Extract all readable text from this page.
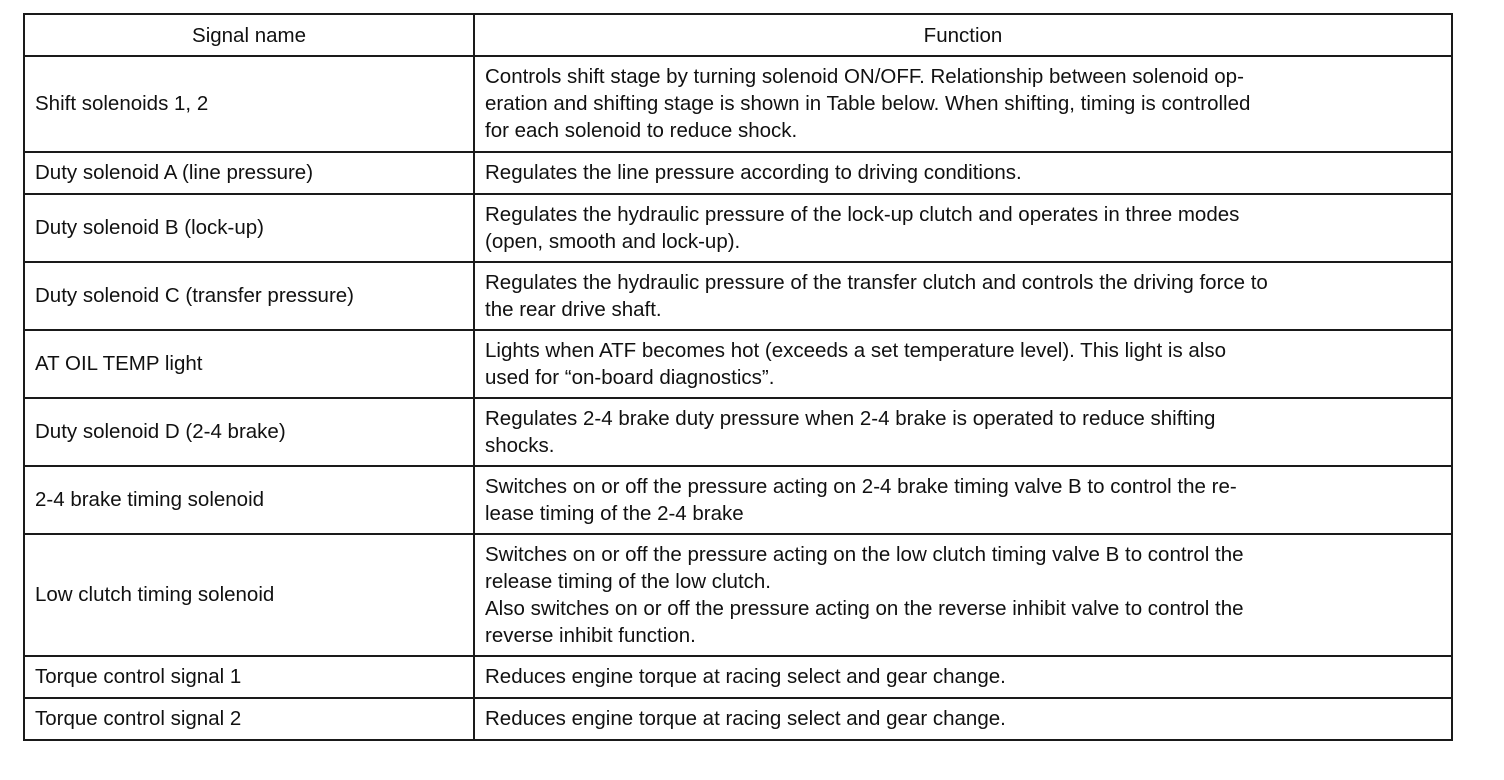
Signal name	Function
Shift solenoids 1, 2	Controls shift stage by turning solenoid ON/OFF. Relationship between solenoid op-
eration and shifting stage is shown in Table below. When shifting, timing is controlled
for each solenoid to reduce shock.

Duty solenoid A (line pressure)	Regulates the line pressure according to driving conditions.

Duty solenoid B (lock-up)	Regulates the hydraulic pressure of the lock-up clutch and operates in three modes
(open, smooth and lock-up).

Duty solenoid C (transfer pressure)	Regulates the hydraulic pressure of the transfer clutch and controls the driving force to
the rear drive shaft.

AT OIL TEMP light	Lights when ATF becomes hot (exceeds a set temperature level). This light is also
used for “on-board diagnostics”.

Duty solenoid D (2-4 brake)	Regulates 2-4 brake duty pressure when 2-4 brake is operated to reduce shifting
shocks.

2-4 brake timing solenoid	Switches on or off the pressure acting on 2-4 brake timing valve B to control the re-
lease timing of the 2-4 brake

Low clutch timing solenoid	Switches on or off the pressure acting on the low clutch timing valve B to control the
release timing of the low clutch.
Also switches on or off the pressure acting on the reverse inhibit valve to control the
reverse inhibit function.

Torque control signal 1	Reduces engine torque at racing select and gear change.

Torque control signal 2	Reduces engine torque at racing select and gear change.
